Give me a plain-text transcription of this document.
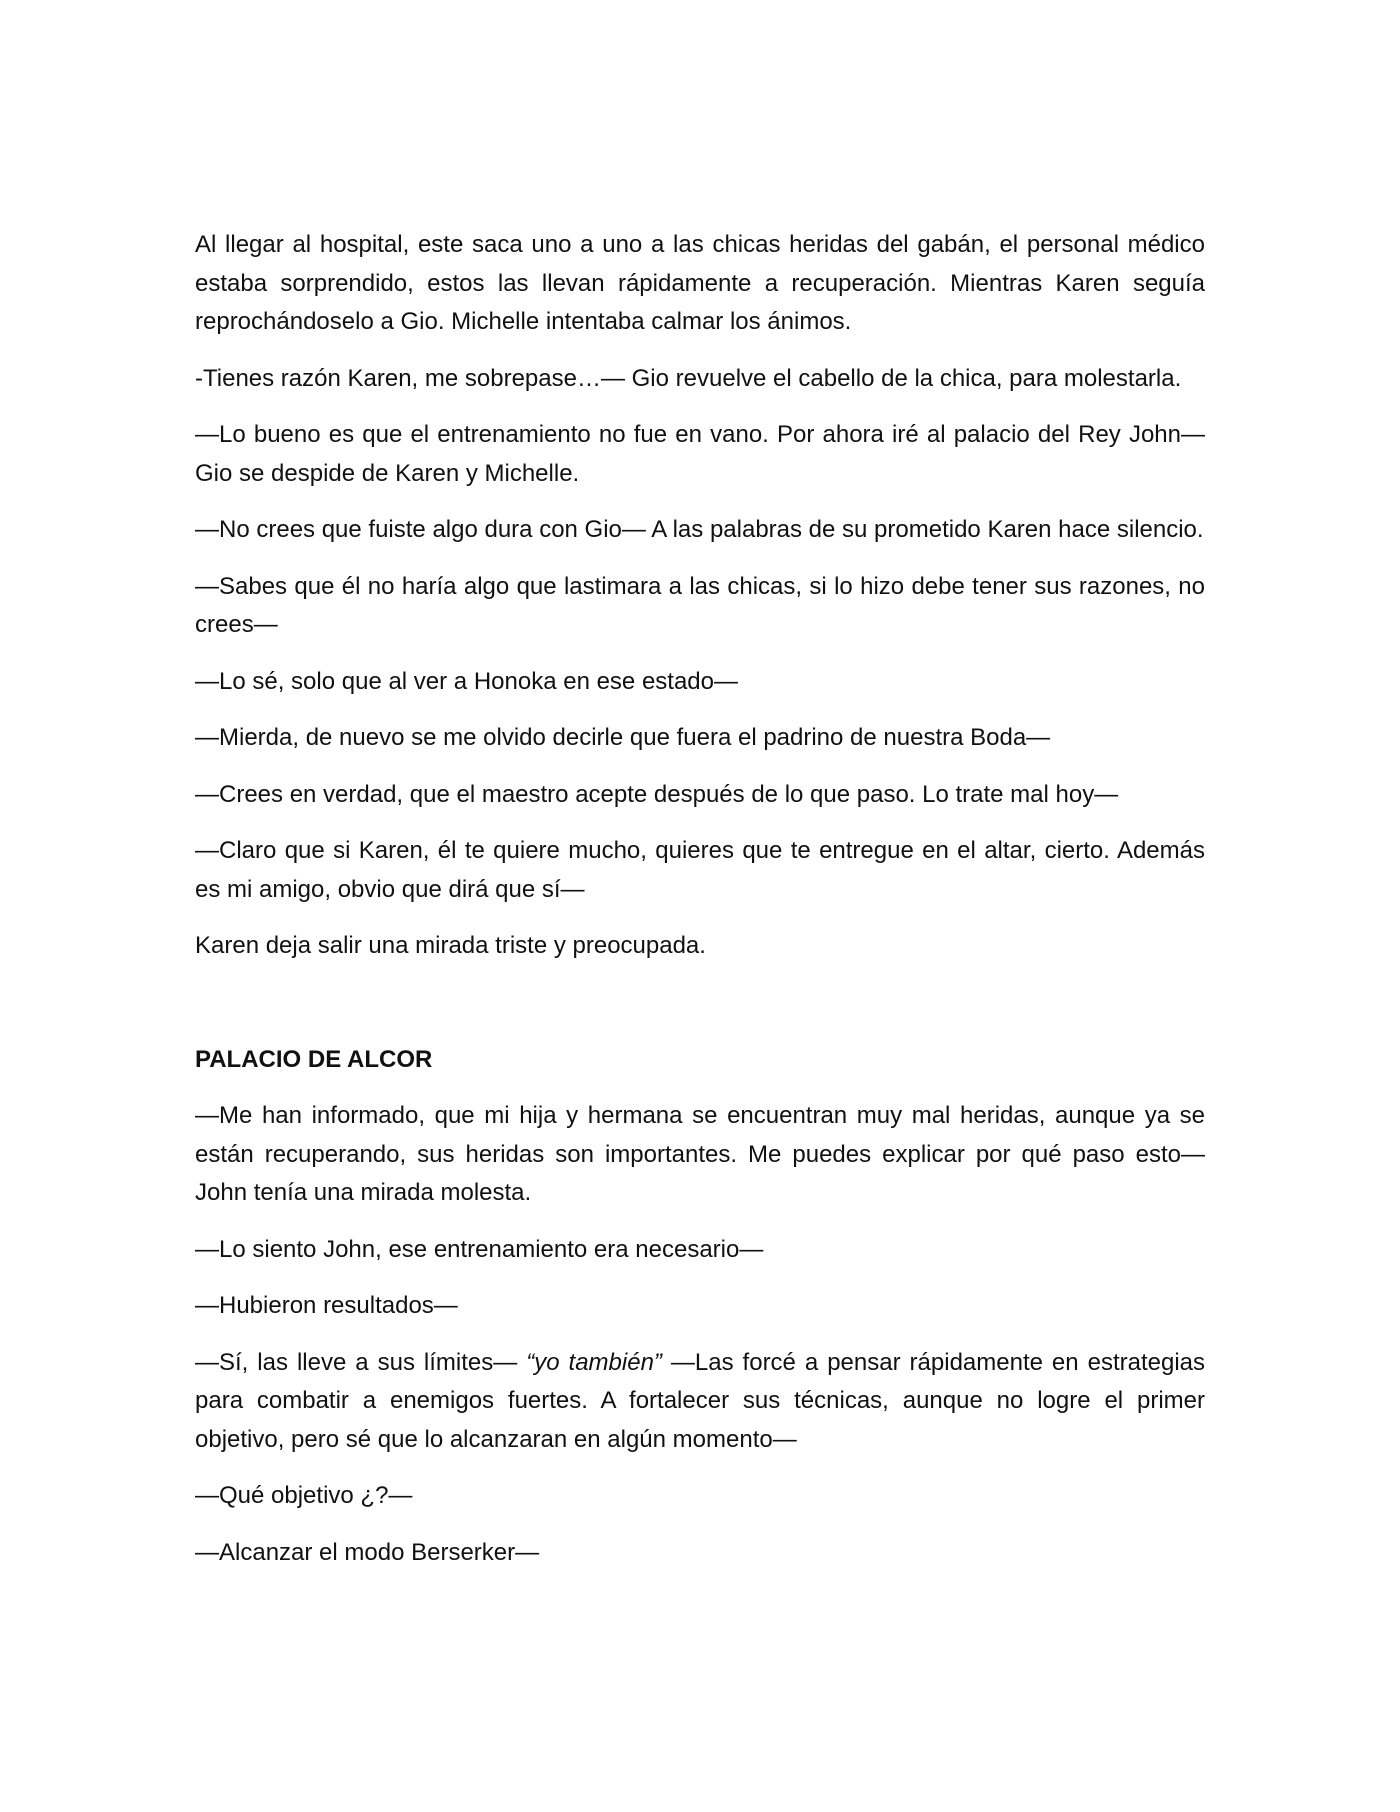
Al llegar al hospital, este saca uno a uno a las chicas heridas del gabán, el personal médico estaba sorprendido, estos las llevan rápidamente a recuperación. Mientras Karen seguía reprochándoselo a Gio. Michelle intentaba calmar los ánimos.

-Tienes razón Karen, me sobrepase…— Gio revuelve el cabello de la chica, para molestarla.

—Lo bueno es que el entrenamiento no fue en vano. Por ahora iré al palacio del Rey John— Gio se despide de Karen y Michelle.

—No crees que fuiste algo dura con Gio— A las palabras de su prometido Karen hace silencio.

—Sabes que él no haría algo que lastimara a las chicas, si lo hizo debe tener sus razones, no crees—

—Lo sé, solo que al ver a Honoka en ese estado—

—Mierda, de nuevo se me olvido decirle que fuera el padrino de nuestra Boda—

—Crees en verdad, que el maestro acepte después de lo que paso. Lo trate mal hoy—

—Claro que si Karen, él te quiere mucho, quieres que te entregue en el altar, cierto. Además es mi amigo, obvio que dirá que sí—

Karen deja salir una mirada triste y preocupada.

PALACIO DE ALCOR

—Me han informado, que mi hija y hermana se encuentran muy mal heridas, aunque ya se están recuperando, sus heridas son importantes. Me puedes explicar por qué paso esto— John tenía una mirada molesta.

—Lo siento John, ese entrenamiento era necesario—

—Hubieron resultados—

—Sí, las lleve a sus límites— “yo también” —Las forcé a pensar rápidamente en estrategias para combatir a enemigos fuertes. A fortalecer sus técnicas, aunque no logre el primer objetivo, pero sé que lo alcanzaran en algún momento—

—Qué objetivo ¿?—

—Alcanzar el modo Berserker—
